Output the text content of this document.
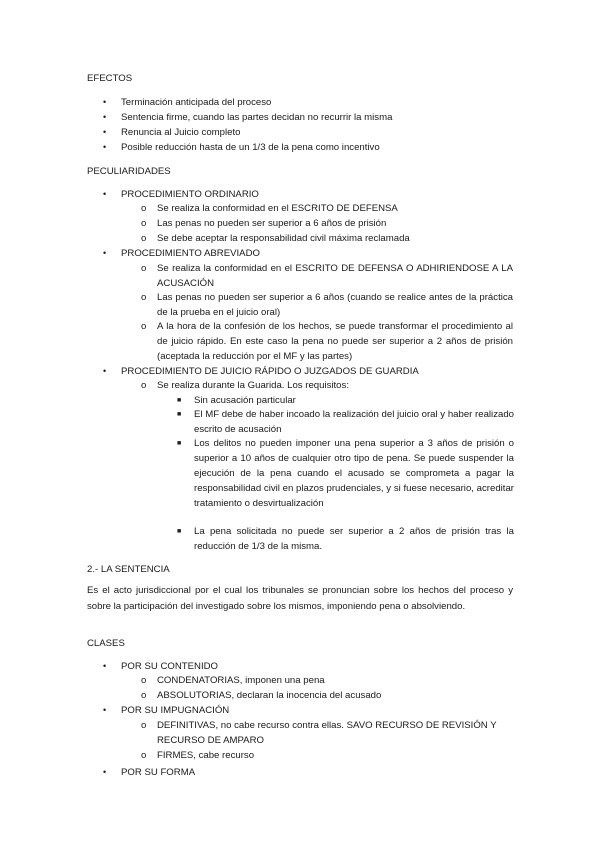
EFECTOS

• Terminación anticipada del proceso
• Sentencia firme, cuando las partes decidan no recurrir la misma
• Renuncia al Juicio completo
• Posible reducción hasta de un 1/3 de la pena como incentivo

PECULIARIDADES

• PROCEDIMIENTO ORDINARIO
o Se realiza la conformidad en el ESCRITO DE DEFENSA
o Las penas no pueden ser superior a 6 años de prisión
o Se debe aceptar la responsabilidad civil máxima reclamada
• PROCEDIMIENTO ABREVIADO
o Se realiza la conformidad en el ESCRITO DE DEFENSA O ADHIRIENDOSE A LA ACUSACIÓN
o Las penas no pueden ser superior a 6 años (cuando se realice antes de la práctica de la prueba en el juicio oral)
o A la hora de la confesión de los hechos, se puede transformar el procedimiento al de juicio rápido. En este caso la pena no puede ser superior a 2 años de prisión (aceptada la reducción por el MF y las partes)
• PROCEDIMIENTO DE JUICIO RÁPIDO O JUZGADOS DE GUARDIA
o Se realiza durante la Guarida. Los requisitos:
■ Sin acusación particular
■ El MF debe de haber incoado la realización del juicio oral y haber realizado escrito de acusación
■ Los delitos no pueden imponer una pena superior a 3 años de prisión o superior a 10 años de cualquier otro tipo de pena. Se puede suspender la ejecución de la pena cuando el acusado se comprometa a pagar la responsabilidad civil en plazos prudenciales, y si fuese necesario, acreditar tratamiento o desvirtualización
■ La pena solicitada no puede ser superior a 2 años de prisión tras la reducción de 1/3 de la misma.

2.- LA SENTENCIA

Es el acto jurisdiccional por el cual los tribunales se pronuncian sobre los hechos del proceso y sobre la participación del investigado sobre los mismos, imponiendo pena o absolviendo.

CLASES

• POR SU CONTENIDO
o CONDENATORIAS, imponen una pena
o ABSOLUTORIAS, declaran la inocencia del acusado
• POR SU IMPUGNACIÓN
o DEFINITIVAS, no cabe recurso contra ellas. SAVO RECURSO DE REVISIÓN Y RECURSO DE AMPARO
o FIRMES, cabe recurso
• POR SU FORMA
